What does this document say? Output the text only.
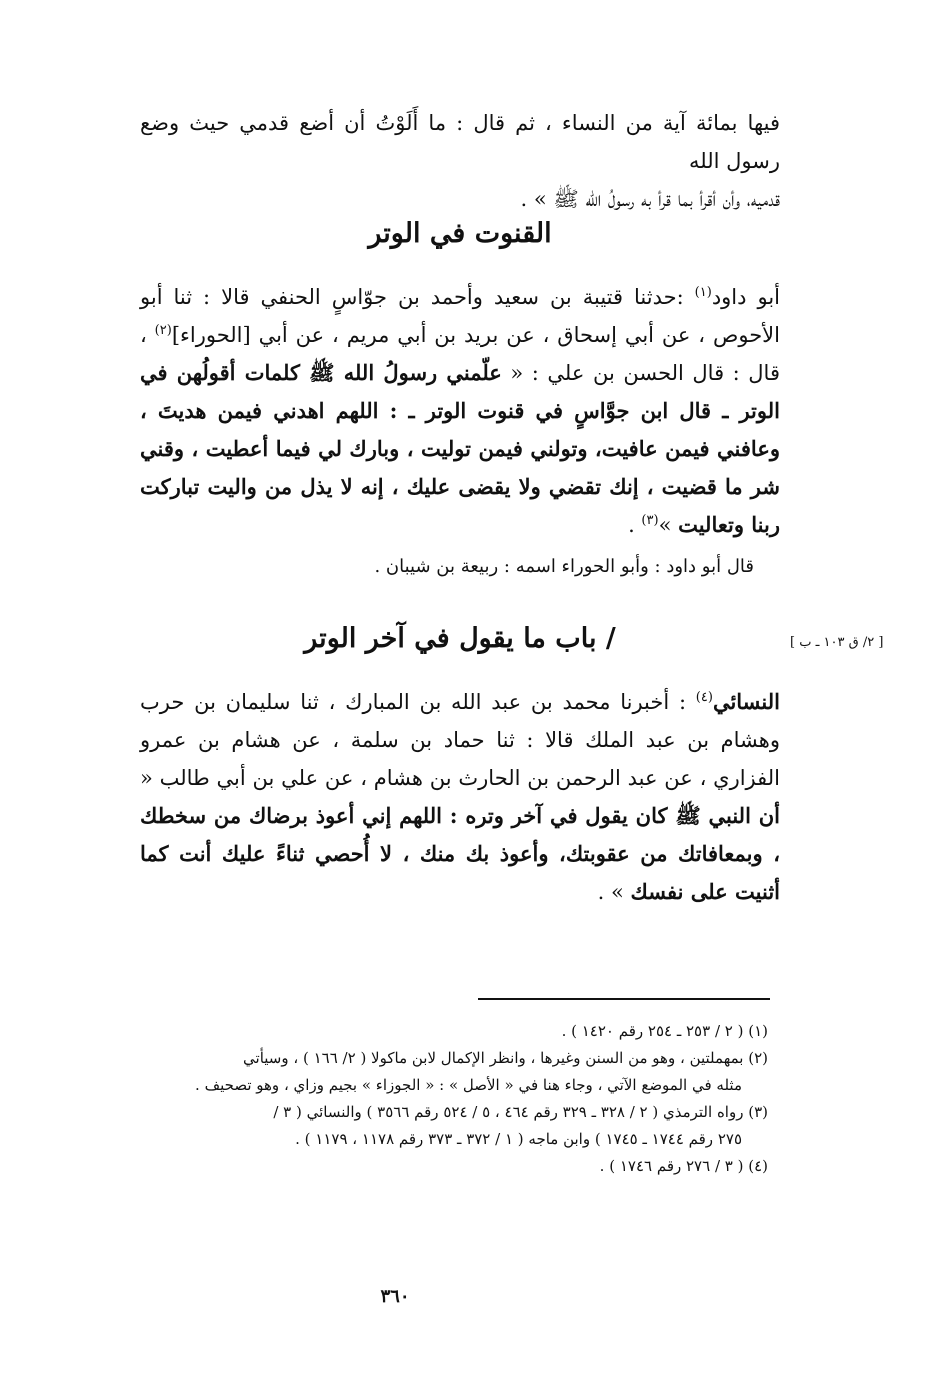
فيها بمائة آية من النساء ، ثم قال : ما أَلَوْتُ أن أضع قدمي حيث وضع رسول الله
قدميه، وأن أقرأ بما قرأ به رسولُ الله ﷺ » .

القنوت في الوتر

أبو داود$^{(١)}$ :حدثنا قتيبة بن سعيد وأحمد بن جوّاسٍ الحنفي قالا : ثنا أبو الأحوص ، عن أبي إسحاق ، عن بريد بن أبي مريم ، عن أبي [الحوراء]$^{(٢)}$ ، قال : قال الحسن بن علي : « علّمني رسولُ الله ﷺ كلمات أقولُهن في الوتر ـ قال ابن جوَّاسٍ في قنوت الوتر ـ : اللهم اهدني فيمن هديتَ ، وعافني فيمن عافيت، وتولني فيمن توليت ، وبارك لي فيما أعطيت ، وقني شر ما قضيت ، إنك تقضي ولا يقضى عليك ، إنه لا يذل من واليت تباركت ربنا وتعاليت »$^{(٣)}$ .

قال أبو داود : وأبو الحوراء اسمه : ربيعة بن شيبان .

[ ٢/ ق ١٠٣ ـ ب ]
/ باب ما يقول في آخر الوتر

النسائي$^{(٤)}$ : أخبرنا محمد بن عبد الله بن المبارك ، ثنا سليمان بن حرب وهشام بن عبد الملك قالا : ثنا حماد بن سلمة ، عن هشام بن عمرو الفزاري ، عن عبد الرحمن بن الحارث بن هشام ، عن علي بن أبي طالب « أن النبي ﷺ كان يقول في آخر وتره : اللهم إني أعوذ برضاك من سخطك ، وبمعافاتك من عقوبتك، وأعوذ بك منك ، لا أُحصي ثناءً عليك أنت كما أثنيت على نفسك » .

(١) ( ٢ / ٢٥٣ ـ ٢٥٤ رقم ١٤٢٠ ) .

(٢) بمهملتين ، وهو من السنن وغيرها ، وانظر الإكمال لابن ماكولا ( ٢/ ١٦٦ ) ، وسيأتي

مثله في الموضع الآتي ، وجاء هنا في « الأصل » : « الجوزاء » بجيم وزاي ، وهو تصحيف .

(٣) رواه الترمذي ( ٢ / ٣٢٨ ـ ٣٢٩ رقم ٤٦٤ ، ٥ / ٥٢٤ رقم ٣٥٦٦ ) والنسائي ( ٣ /

٢٧٥ رقم ١٧٤٤ ـ ١٧٤٥ ) وابن ماجه ( ١ / ٣٧٢ ـ ٣٧٣ رقم ١١٧٨ ، ١١٧٩ ) .

(٤) ( ٣ / ٢٧٦ رقم ١٧٤٦ ) .

٣٦٠
